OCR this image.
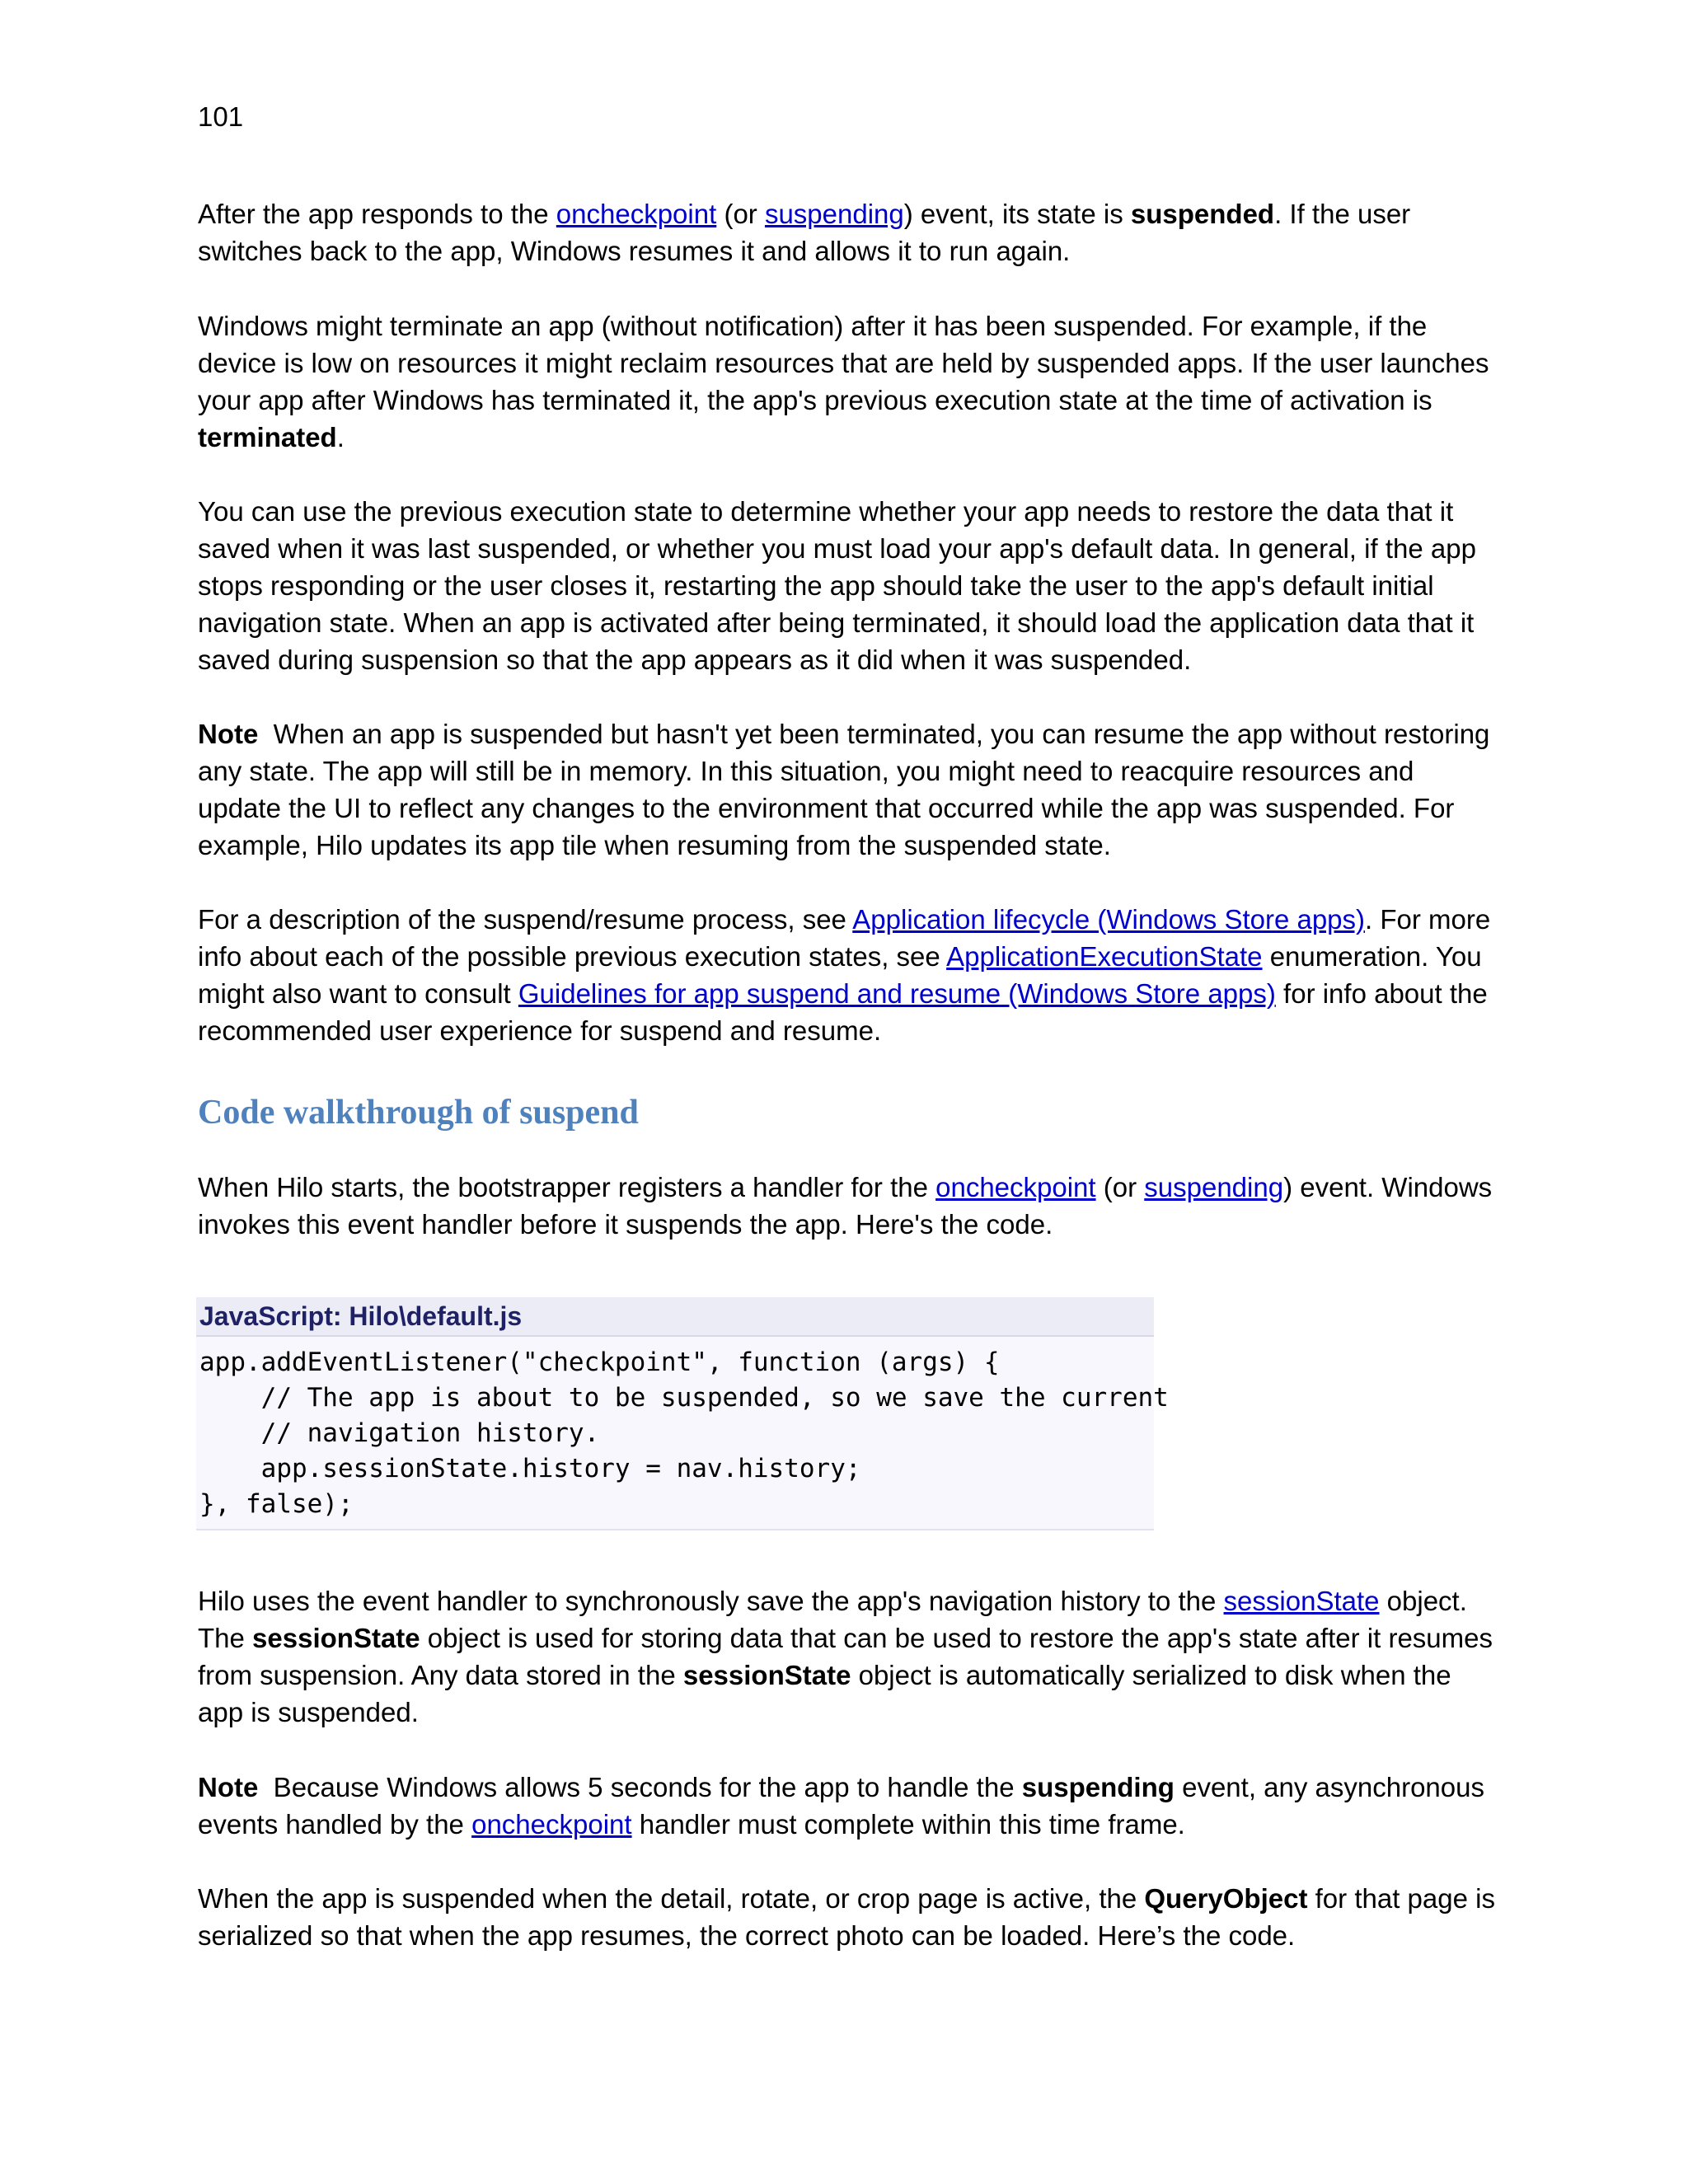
101

After the app responds to the oncheckpoint (or suspending) event, its state is suspended. If the user switches back to the app, Windows resumes it and allows it to run again.

Windows might terminate an app (without notification) after it has been suspended. For example, if the device is low on resources it might reclaim resources that are held by suspended apps. If the user launches your app after Windows has terminated it, the app's previous execution state at the time of activation is terminated.

You can use the previous execution state to determine whether your app needs to restore the data that it saved when it was last suspended, or whether you must load your app's default data. In general, if the app stops responding or the user closes it, restarting the app should take the user to the app's default initial navigation state. When an app is activated after being terminated, it should load the application data that it saved during suspension so that the app appears as it did when it was suspended.

Note  When an app is suspended but hasn't yet been terminated, you can resume the app without restoring any state. The app will still be in memory. In this situation, you might need to reacquire resources and update the UI to reflect any changes to the environment that occurred while the app was suspended. For example, Hilo updates its app tile when resuming from the suspended state.

For a description of the suspend/resume process, see Application lifecycle (Windows Store apps). For more info about each of the possible previous execution states, see ApplicationExecutionState enumeration. You might also want to consult Guidelines for app suspend and resume (Windows Store apps) for info about the recommended user experience for suspend and resume.

Code walkthrough of suspend

When Hilo starts, the bootstrapper registers a handler for the oncheckpoint (or suspending) event. Windows invokes this event handler before it suspends the app. Here's the code.

JavaScript: Hilo\default.js
app.addEventListener("checkpoint", function (args) {
// The app is about to be suspended, so we save the current
// navigation history.
app.sessionState.history = nav.history;
}, false);

Hilo uses the event handler to synchronously save the app's navigation history to the sessionState object. The sessionState object is used for storing data that can be used to restore the app's state after it resumes from suspension. Any data stored in the sessionState object is automatically serialized to disk when the app is suspended.

Note  Because Windows allows 5 seconds for the app to handle the suspending event, any asynchronous events handled by the oncheckpoint handler must complete within this time frame.

When the app is suspended when the detail, rotate, or crop page is active, the QueryObject for that page is serialized so that when the app resumes, the correct photo can be loaded. Here’s the code.
